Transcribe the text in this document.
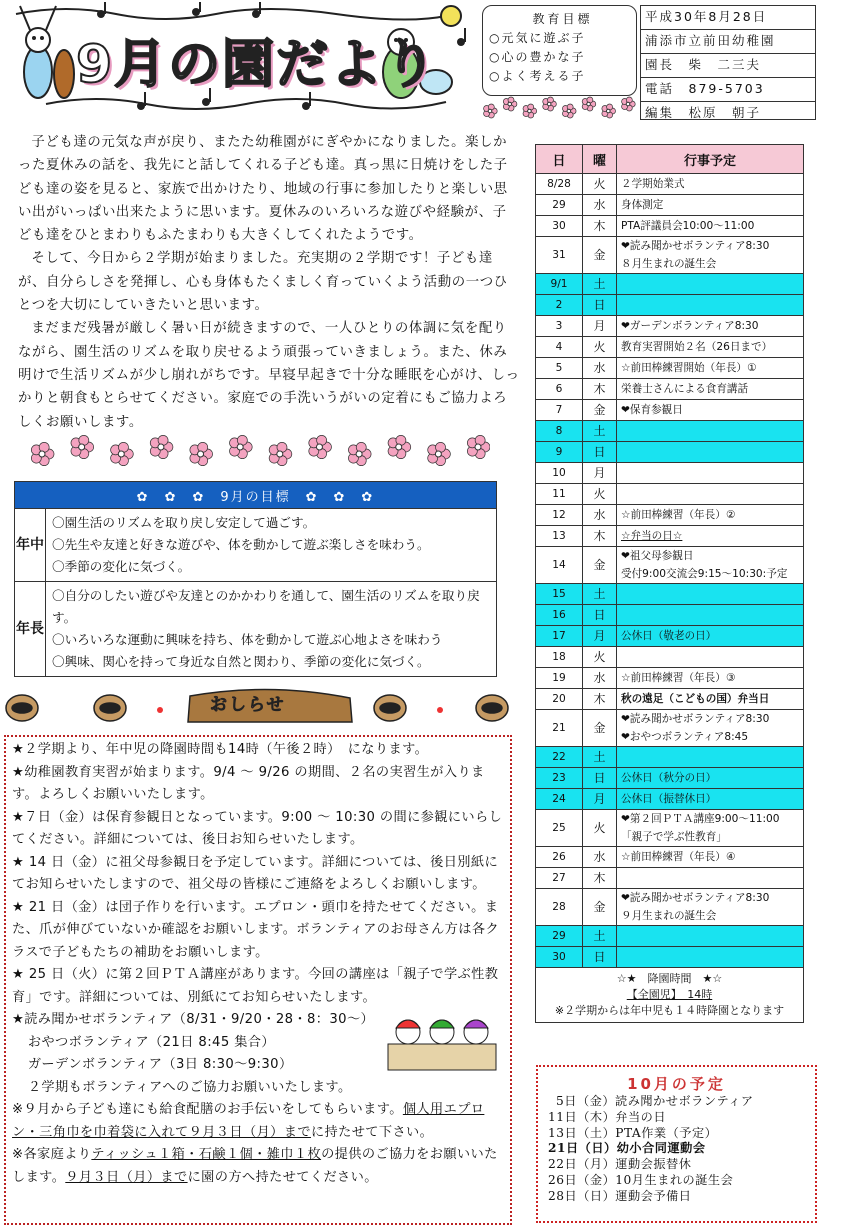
9月の園だより
教育目標
○元気に遊ぶ子
○心の豊かな子
○よく考える子
平成30年8月28日
浦添市立前田幼稚園
園長　柴　二三夫
電話　879-5703
編集　松原　朝子

子ども達の元気な声が戻り、またた幼稚園がにぎやかになりました。楽しかった夏休みの話を、我先にと話してくれる子ども達。真っ黒に日焼けをした子ども達の姿を見ると、家族で出かけたり、地域の行事に参加したりと楽しい思い出がいっぱい出来たように思います。夏休みのいろいろな遊びや経験が、子ども達をひとまわりもふたまわりも大きくしてくれたようです。

そして、今日から２学期が始まりました。充実期の２学期です！子ども達が、自分らしさを発揮し、心も身体もたくましく育っていくよう活動の一つひとつを大切にしていきたいと思います。

まだまだ残暑が厳しく暑い日が続きますので、一人ひとりの体調に気を配りながら、園生活のリズムを取り戻せるよう頑張っていきましょう。また、休み明けで生活リズムが少し崩れがちです。早寝早起きで十分な睡眠を心がけ、しっかりと朝食もとらせてください。家庭での手洗いうがいの定着にもご協力よろしくお願いします。

✿　✿　✿　9月の目標　✿　✿　✿	
年中	〇園生活のリズムを取り戻し安定して過ごす。
〇先生や友達と好きな遊びや、体を動かして遊ぶ楽しさを味わう。
〇季節の変化に気づく。

年長	〇自分のしたい遊びや友達とのかかわりを通して、園生活のリズムを取り戻す。
〇いろいろな運動に興味を持ち、体を動かして遊ぶ心地よさを味わう
〇興味、関心を持って身近な自然と関わり、季節の変化に気づく。
おしらせ

★２学期より、年中児の降園時間も14時（午後２時）　になります。

★幼稚園教育実習が始まります。9/4 ～ 9/26 の期間、２名の実習生が入ります。よろしくお願いいたします。

★７日（金）は保育参観日となっています。9:00 ～ 10:30 の間に参観にいらしてください。詳細については、後日お知らせいたします。

★ 14 日（金）に祖父母参観日を予定しています。詳細については、後日別紙にてお知らせいたしますので、祖父母の皆様にご連絡をよろしくお願いします。

★ 21 日（金）は団子作りを行います。エプロン・頭巾を持たせてください。また、爪が伸びていないか確認をお願いします。ボランティアのお母さん方は各クラスで子どもたちの補助をお願いします。

★ 25 日（火）に第２回ＰＴＡ講座があります。今回の講座は「親子で学ぶ性教育」です。詳細については、別紙にてお知らせいたします。

★読み聞かせボランティア（8/31・9/20・28・8：30～）

おやつボランティア（21日 8:45 集合）

ガーデンボランティア（3日 8:30～9:30）

２学期もボランティアへのご協力お願いいたします。

※９月から子ども達にも給食配膳のお手伝いをしてもらいます。個人用エプロン・三角巾を巾着袋に入れて９月３日（月）までに持たせて下さい。

※各家庭よりティッシュ１箱・石鹸１個・雑巾１枚の提供のご協力をお願いいたします。９月３日（月）までに園の方へ持たせてください。

日	曜	行事予定
8/28	火	２学期始業式

29	水	身体測定

30	木	PTA評議員会10:00～11:00

31	金	❤読み聞かせボランティア8:30
８月生まれの誕生会

9/1	土	

2	日	

3	月	❤ガーデンボランティア8:30

4	火	教育実習開始２名（26日まで）

5	水	☆前田棒練習開始（年長）①

6	木	栄養士さんによる食育講話

7	金	❤保育参観日

8	土	

9	日	

10	月	

11	火	

12	水	☆前田棒練習（年長）②

13	木	☆弁当の日☆

14	金	❤祖父母参観日
受付9:00交流会9:15～10:30:予定

15	土	

16	日	

17	月	公休日（敬老の日）

18	火	

19	水	☆前田棒練習（年長）③

20	木	秋の遠足（こどもの国）弁当日

21	金	❤読み聞かせボランティア8:30
❤おやつボランティア8:45

22	土	

23	日	公休日（秋分の日）

24	月	公休日（振替休日）

25	火	❤第２回ＰＴＡ講座9:00～11:00
「親子で学ぶ性教育」

26	水	☆前田棒練習（年長）④

27	木	

28	金	❤読み聞かせボランティア8:30
９月生まれの誕生会

29	土	

30	日	

☆★　降園時間　★☆
【全園児】　14時
※２学期からは年中児も１４時降園となります		
10月の予定
5日（金）読み聞かせボランティア
11日（木）弁当の日
13日（土）PTA作業（予定）
21日（日）幼小合同運動会
22日（月）運動会振替休
26日（金）10月生まれの誕生会
28日（日）運動会予備日
